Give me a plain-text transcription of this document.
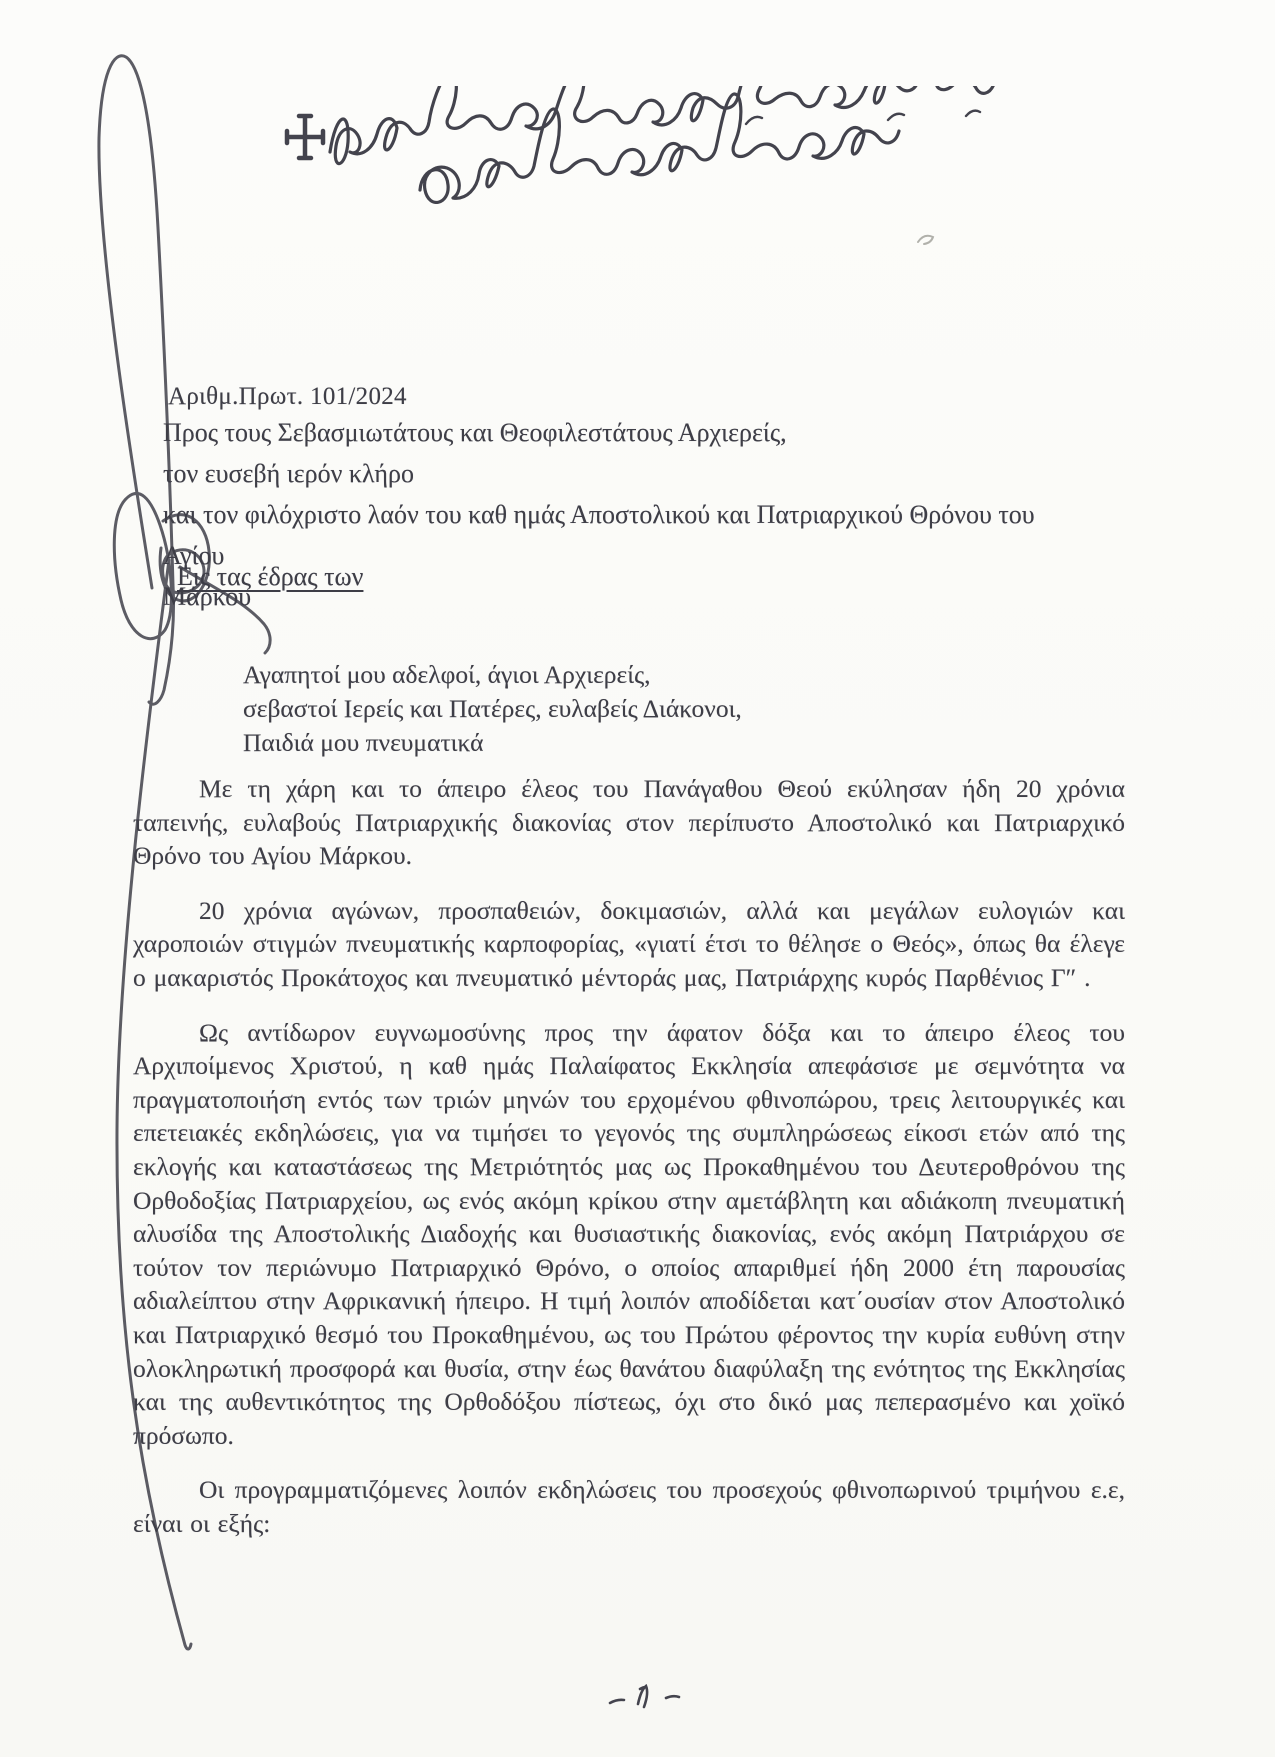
Αριθμ.Πρωτ. 101/2024
Προς τους Σεβασμιωτάτους και Θεοφιλεστάτους Αρχιερείς,
τον ευσεβή ιερόν κλήρο
και τον φιλόχριστο λαόν του καθ ημάς Αποστολικού και Πατριαρχικού Θρόνου του Αγίου
Μάρκου
Εις τας έδρας των
Αγαπητοί μου αδελφοί, άγιοι Αρχιερείς,
σεβαστοί Ιερείς και Πατέρες, ευλαβείς Διάκονοι,
Παιδιά μου πνευματικά

Με τη χάρη και το άπειρο έλεος του Πανάγαθου Θεού εκύλησαν ήδη 20 χρόνια ταπεινής, ευλαβούς Πατριαρχικής διακονίας στον περίπυστο Αποστολικό και Πατριαρχικό Θρόνο του Αγίου Μάρκου.

20 χρόνια αγώνων, προσπαθειών, δοκιμασιών, αλλά και μεγάλων ευλογιών και χαροποιών στιγμών πνευματικής καρποφορίας, «γιατί έτσι το θέλησε ο Θεός», όπως θα έλεγε ο μακαριστός Προκάτοχος και πνευματικό μέντοράς μας, Πατριάρχης κυρός Παρθένιος Γ″ .

Ως αντίδωρον ευγνωμοσύνης προς την άφατον δόξα και το άπειρο έλεος του Αρχιποίμενος Χριστού, η καθ ημάς Παλαίφατος Εκκλησία απεφάσισε με σεμνότητα να πραγματοποιήση εντός των τριών μηνών του ερχομένου φθινοπώρου, τρεις λειτουργικές και επετειακές εκδηλώσεις, για να τιμήσει το γεγονός της συμπληρώσεως είκοσι ετών από της εκλογής και καταστάσεως της Μετριότητός μας ως Προκαθημένου του Δευτεροθρόνου της Ορθοδοξίας Πατριαρχείου, ως ενός ακόμη κρίκου στην αμετάβλητη και αδιάκοπη πνευματική αλυσίδα της Αποστολικής Διαδοχής και θυσιαστικής διακονίας, ενός ακόμη Πατριάρχου σε τούτον τον περιώνυμο Πατριαρχικό Θρόνο, ο οποίος απαριθμεί ήδη 2000 έτη παρουσίας αδιαλείπτου στην Αφρικανική ήπειρο. Η τιμή λοιπόν αποδίδεται κατ΄ουσίαν στον Αποστολικό και Πατριαρχικό θεσμό του Προκαθημένου, ως του Πρώτου φέροντος την κυρία ευθύνη στην ολοκληρωτική προσφορά και θυσία, στην έως θανάτου διαφύλαξη της ενότητος της Εκκλησίας και της αυθεντικότητος της Ορθοδόξου πίστεως, όχι στο δικό μας πεπερασμένο και χοϊκό πρόσωπο.

Οι προγραμματιζόμενες λοιπόν εκδηλώσεις του προσεχούς φθινοπωρινού τριμήνου ε.ε, είναι οι εξής:
